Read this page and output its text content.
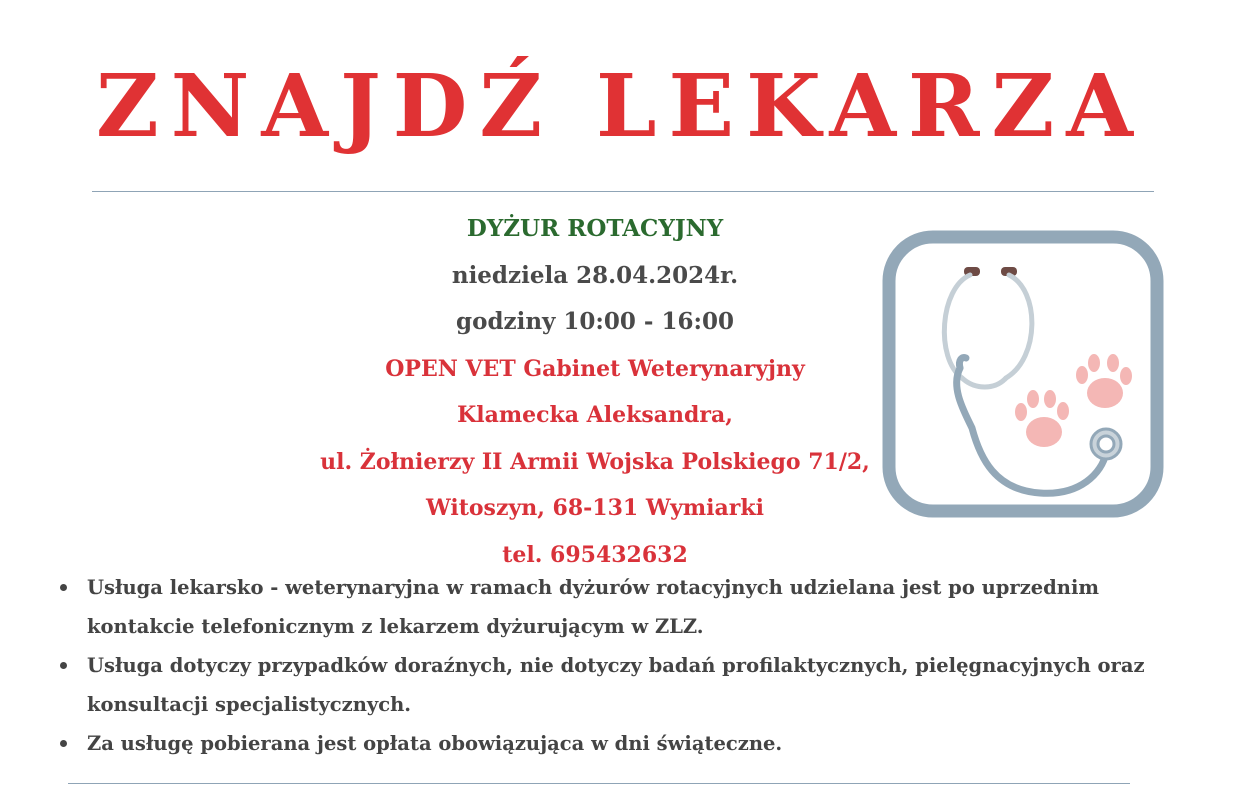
ZNAJDŹ LEKARZA
DYŻUR ROTACYJNY
niedziela 28.04.2024r.
godziny 10:00 - 16:00
OPEN VET Gabinet Weterynaryjny
Klamecka Aleksandra,
ul. Żołnierzy II Armii Wojska Polskiego 71/2,
Witoszyn, 68-131 Wymiarki
tel. 695432632
Usługa lekarsko - weterynaryjna w ramach dyżurów rotacyjnych udzielana jest po uprzednim kontakcie telefonicznym z lekarzem dyżurującym w ZLZ.
Usługa dotyczy przypadków doraźnych, nie dotyczy badań profilaktycznych, pielęgnacyjnych oraz konsultacji specjalistycznych.
Za usługę pobierana jest opłata obowiązująca w dni świąteczne.
